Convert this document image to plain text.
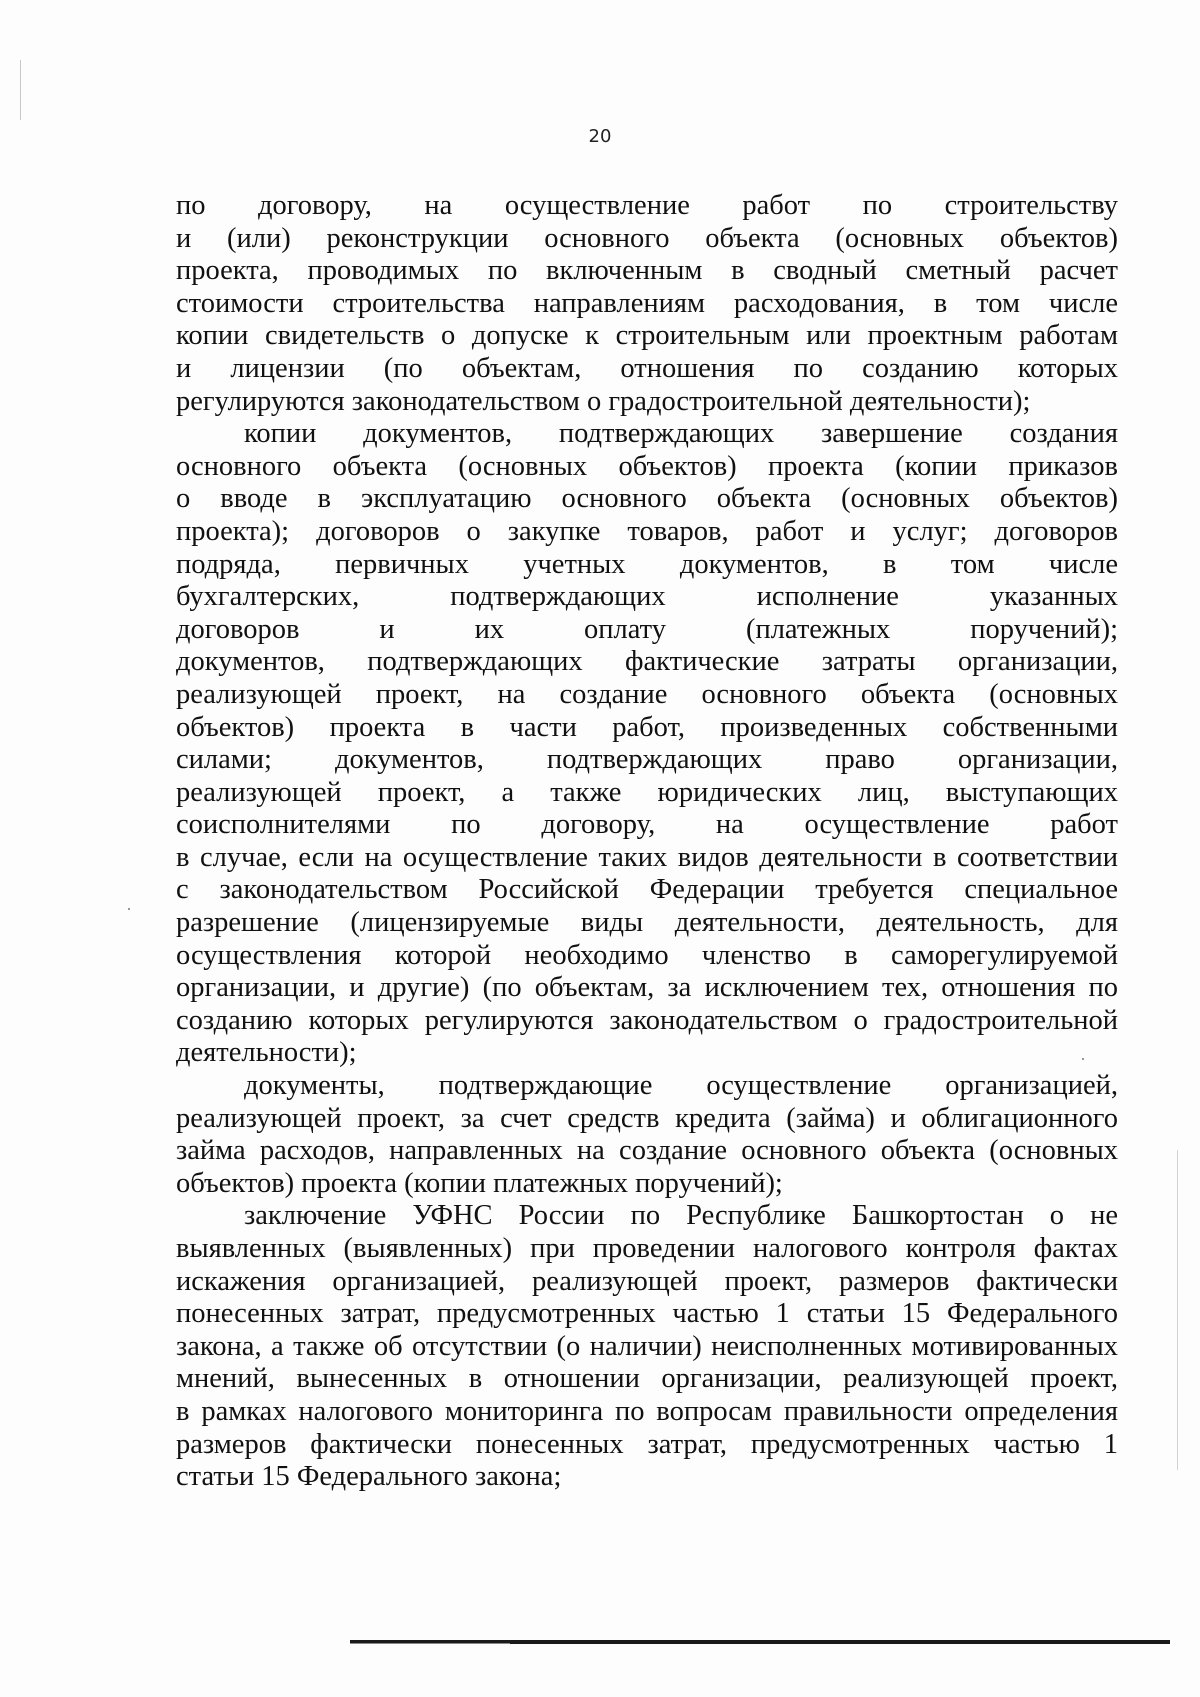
20
по договору, на осуществление работ по строительству
и (или) реконструкции основного объекта (основных объектов)
проекта, проводимых по включенным в сводный сметный расчет
стоимости строительства направлениям расходования, в том числе
копии свидетельств о допуске к строительным или проектным работам
и лицензии (по объектам, отношения по созданию которых
регулируются законодательством о градостроительной деятельности);
копии документов, подтверждающих завершение создания
основного объекта (основных объектов) проекта (копии приказов
о вводе в эксплуатацию основного объекта (основных объектов)
проекта); договоров о закупке товаров, работ и услуг; договоров
подряда, первичных учетных документов, в том числе
бухгалтерских, подтверждающих исполнение указанных
договоров и их оплату (платежных поручений);
документов, подтверждающих фактические затраты организации,
реализующей проект, на создание основного объекта (основных
объектов) проекта в части работ, произведенных собственными
силами; документов, подтверждающих право организации,
реализующей проект, а также юридических лиц, выступающих
соисполнителями по договору, на осуществление работ
в случае, если на осуществление таких видов деятельности в соответствии
с законодательством Российской Федерации требуется специальное
разрешение (лицензируемые виды деятельности, деятельность, для
осуществления которой необходимо членство в саморегулируемой
организации, и другие) (по объектам, за исключением тех, отношения по
созданию которых регулируются законодательством о градостроительной
деятельности);
документы, подтверждающие осуществление организацией,
реализующей проект, за счет средств кредита (займа) и облигационного
займа расходов, направленных на создание основного объекта (основных
объектов) проекта (копии платежных поручений);
заключение УФНС России по Республике Башкортостан о не
выявленных (выявленных) при проведении налогового контроля фактах
искажения организацией, реализующей проект, размеров фактически
понесенных затрат, предусмотренных частью 1 статьи 15 Федерального
закона, а также об отсутствии (о наличии) неисполненных мотивированных
мнений, вынесенных в отношении организации, реализующей проект,
в рамках налогового мониторинга по вопросам правильности определения
размеров фактически понесенных затрат, предусмотренных частью 1
статьи 15 Федерального закона;
